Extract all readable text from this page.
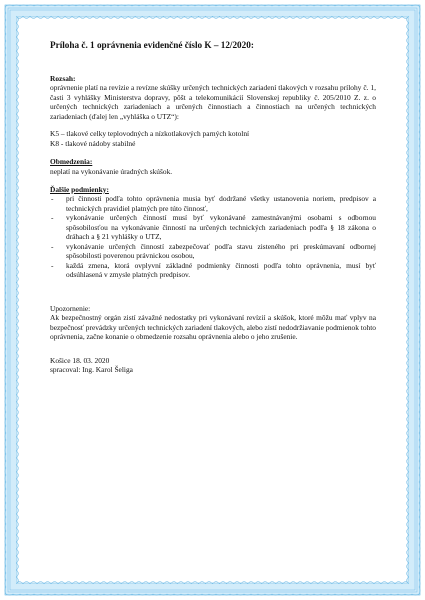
Príloha č. 1 oprávnenia evidenčné číslo K – 12/2020:

Rozsah:

oprávnenie platí na revízie a revízne skúšky určených technických zariadení tlakových v rozsahu prílohy č. 1, časti 3 vyhlášky Ministerstva dopravy, pôšt a telekomunikácií Slovenskej republiky č. 205/2010 Z. z. o určených technických zariadeniach a určených činnostiach a činnostiach na určených technických zariadeniach (ďalej len „vyhláška o UTZ“):

K5 – tlakové celky teplovodných a nízkotlakových parných kotolní

K8 - tlakové nádoby stabilné

Obmedzenia:

neplatí na vykonávanie úradných skúšok.

Ďalšie podmienky:

- pri činnosti podľa tohto oprávnenia musia byť dodržané všetky ustanovenia noriem, predpisov a technických pravidiel platných pre túto činnosť,
- vykonávanie určených činností musí byť vykonávané zamestnávanými osobami s odbornou spôsobilosťou na vykonávanie činností na určených technických zariadeniach podľa § 18 zákona o dráhach a § 21 vyhlášky o UTZ,
- vykonávanie určených činností zabezpečovať podľa stavu zisteného pri preskúmavaní odbornej spôsobilosti poverenou právnickou osobou,
- každá zmena, ktorá ovplyvní základné podmienky činnosti podľa tohto oprávnenia, musí byť odsúhlasená v zmysle platných predpisov.

Upozornenie:

Ak bezpečnostný orgán zistí závažné nedostatky pri vykonávaní revízií a skúšok, ktoré môžu mať vplyv na bezpečnosť prevádzky určených technických zariadení tlakových, alebo zistí nedodržiavanie podmienok tohto oprávnenia, začne konanie o obmedzenie rozsahu oprávnenia alebo o jeho zrušenie.

Košice 18. 03. 2020

spracoval: Ing. Karol Šeliga
